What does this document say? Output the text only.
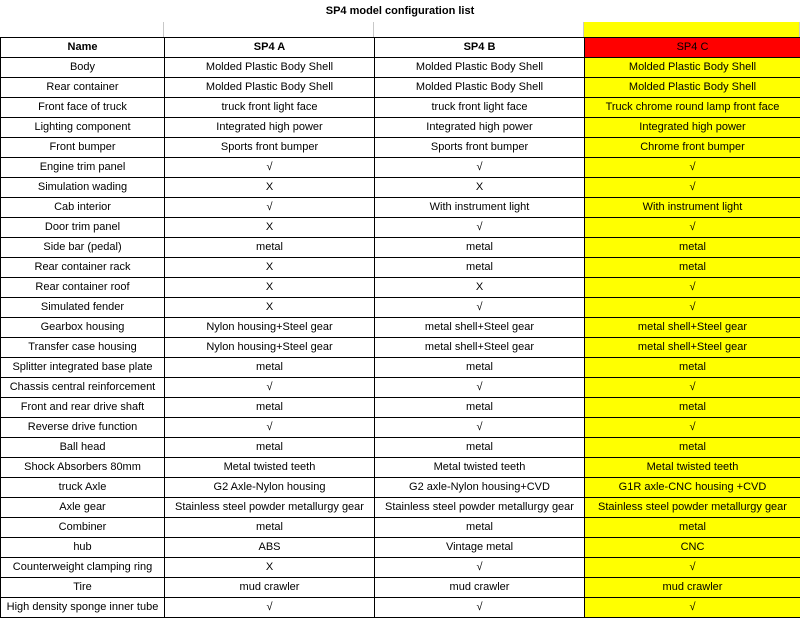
SP4 model configuration list
Name	SP4 A	SP4 B	SP4 C
Body	Molded Plastic Body Shell	Molded Plastic Body Shell	Molded Plastic Body Shell
Rear container	Molded Plastic Body Shell	Molded Plastic Body Shell	Molded Plastic Body Shell
Front face of truck	truck front light face	truck front light face	Truck chrome round lamp front face
Lighting component	Integrated high power	Integrated high power	Integrated high power
Front bumper	Sports front bumper	Sports front bumper	Chrome front bumper
Engine trim panel	√	√	√
Simulation wading	X	X	√
Cab interior	√	With instrument light	With instrument light
Door trim panel	X	√	√
Side bar (pedal)	metal	metal	metal
Rear container rack	X	metal	metal
Rear container roof	X	X	√
Simulated fender	X	√	√
Gearbox housing	Nylon housing+Steel gear	metal shell+Steel gear	metal shell+Steel gear
Transfer case housing	Nylon housing+Steel gear	metal shell+Steel gear	metal shell+Steel gear
Splitter integrated base plate	metal	metal	metal
Chassis central reinforcement	√	√	√
Front and rear drive shaft	metal	metal	metal
Reverse drive function	√	√	√
Ball head	metal	metal	metal
Shock Absorbers 80mm	Metal twisted teeth	Metal twisted teeth	Metal twisted teeth
truck Axle	G2 Axle-Nylon housing	G2 axle-Nylon housing+CVD	G1R axle-CNC housing +CVD
Axle gear	Stainless steel powder metallurgy gear	Stainless steel powder metallurgy gear	Stainless steel powder metallurgy gear
Combiner	metal	metal	metal
hub	ABS	Vintage metal	CNC
Counterweight clamping ring	X	√	√
Tire	mud crawler	mud crawler	mud crawler
High density sponge inner tube	√	√	√
